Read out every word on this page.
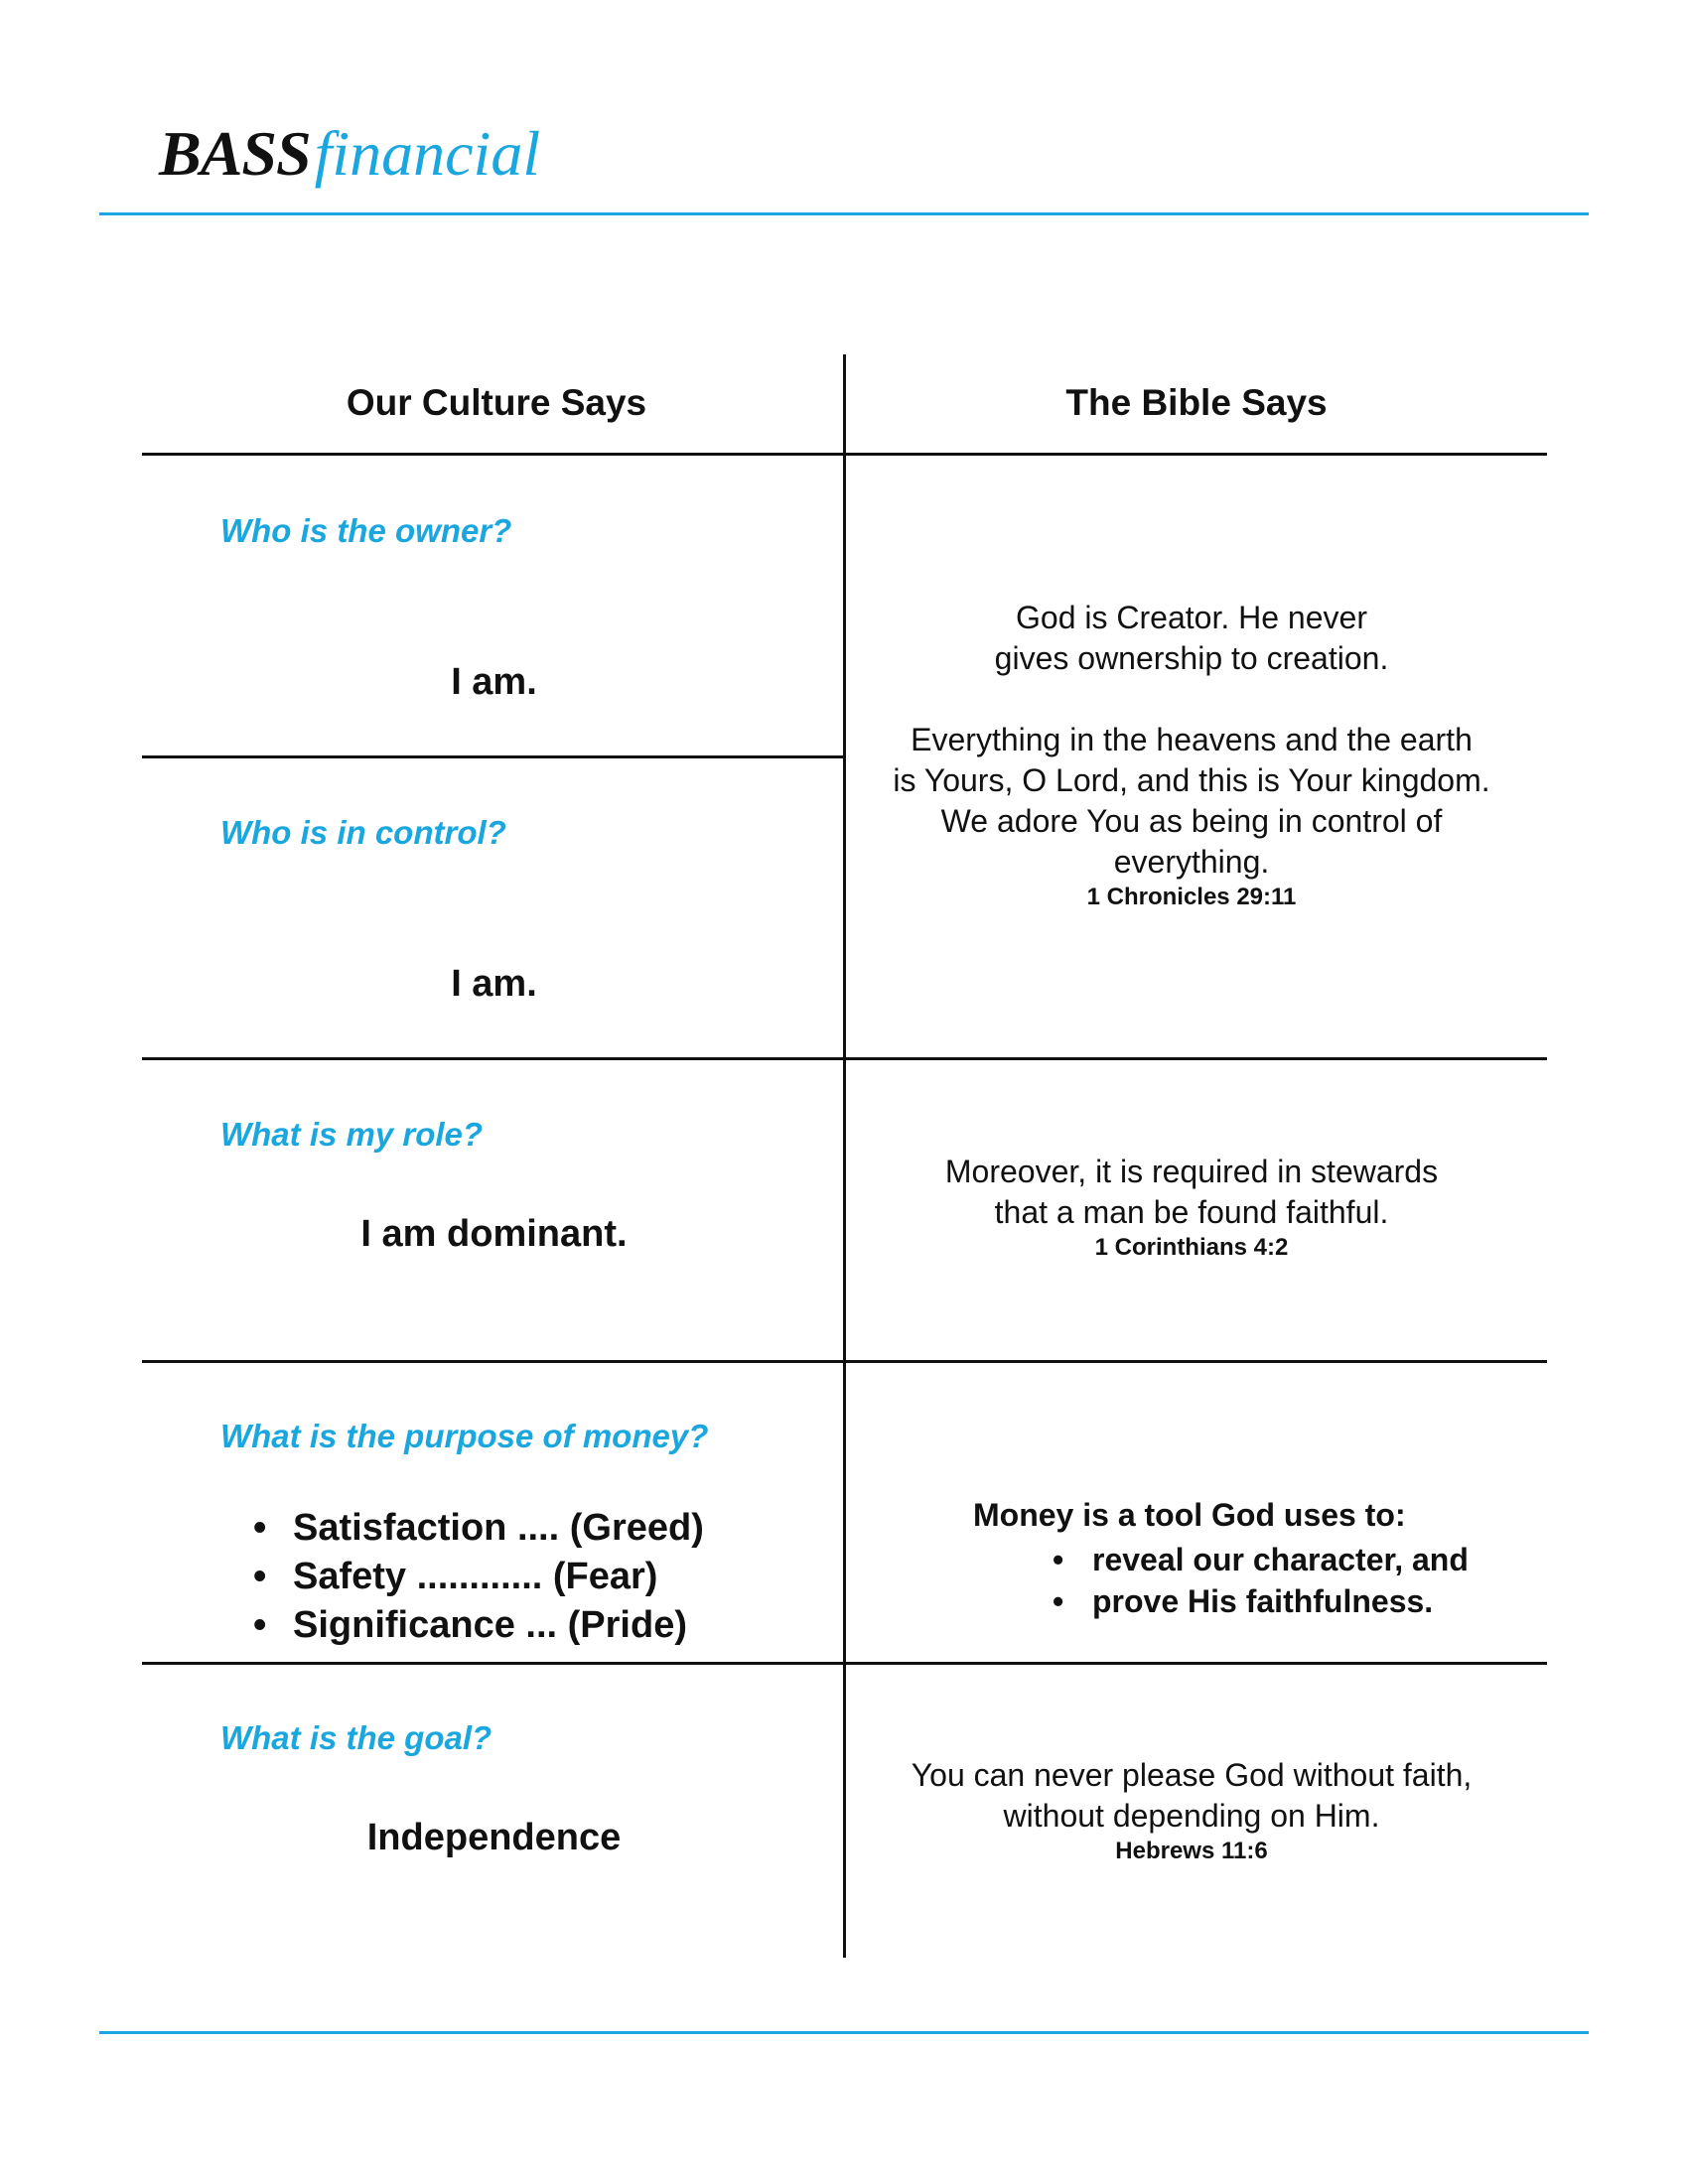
BASSfinancial
Our Culture Says	The Bible Says
Who is the owner?
I am.
Who is in control?
I am.

God is Creator. He never

gives ownership to creation.

Everything in the heavens and the earth

is Yours, O Lord, and this is Your kingdom.

We adore You as being in control of

everything.

1 Chronicles 29:11

What is my role?
I am dominant.

Moreover, it is required in stewards

that a man be found faithful.

1 Corinthians 4:2

What is the purpose of money?
• Satisfaction .... (Greed)
• Safety ............ (Fear)
• Significance ... (Pride)
Money is a tool God uses to:
• reveal our character, and
• prove His faithfulness.
What is the goal?
Independence

You can never please God without faith,

without depending on Him.

Hebrews 11:6
